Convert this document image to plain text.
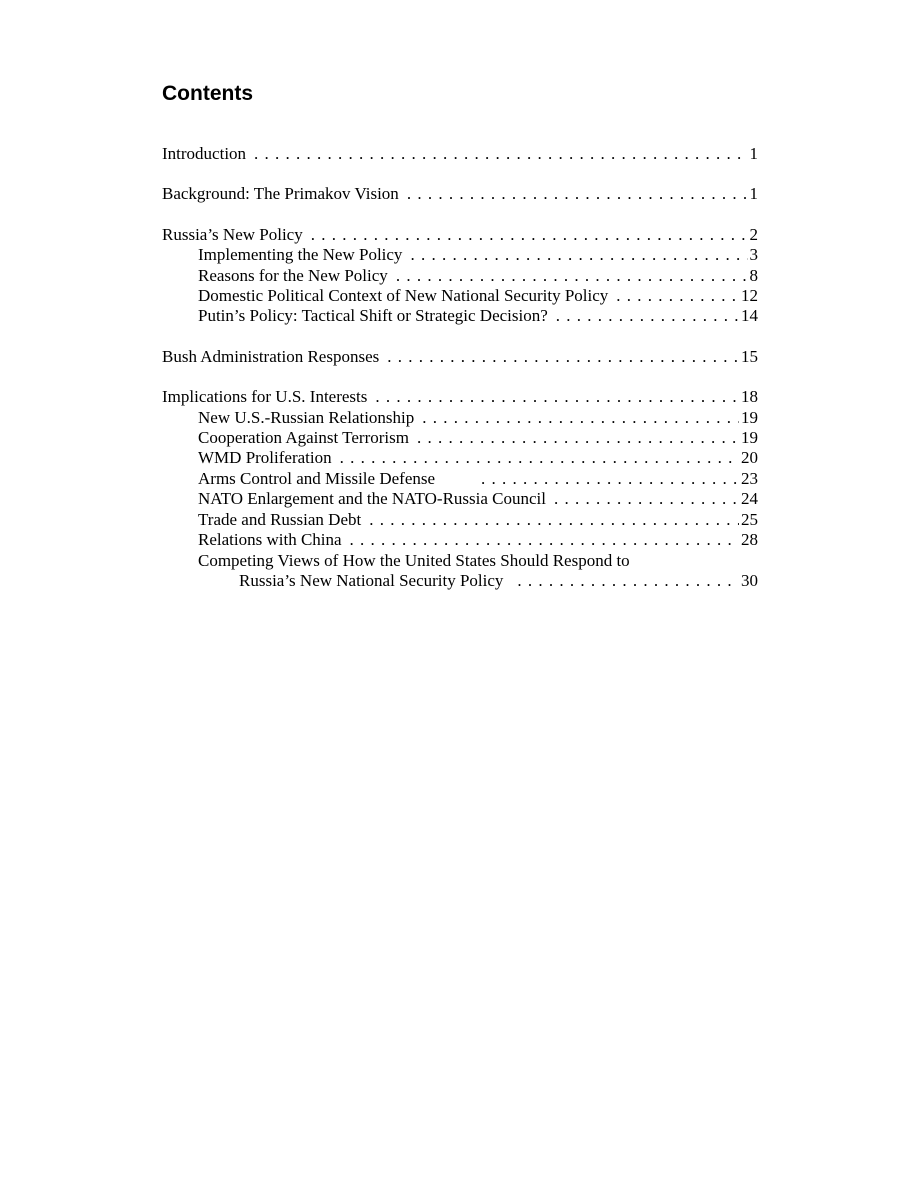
Contents
Introduction . . .	1
Background: The Primakov Vision . . .	1
Russia’s New Policy . . .	2
Implementing the New Policy . . .	3
Reasons for the New Policy . . .	8
Domestic Political Context of New National Security Policy . . .	12
Putin’s Policy: Tactical Shift or Strategic Decision? . . .	14
Bush Administration Responses . . .	15
Implications for U.S. Interests . . .	18
New U.S.-Russian Relationship . . .	19
Cooperation Against Terrorism . . .	19
WMD Proliferation . . .	20
Arms Control and Missile Defense . . .	23
NATO Enlargement and the NATO-Russia Council . . .	24
Trade and Russian Debt . . .	25
Relations with China . . .	28
Competing Views of How the United States Should Respond to
Russia’s New National Security Policy . . .	30
